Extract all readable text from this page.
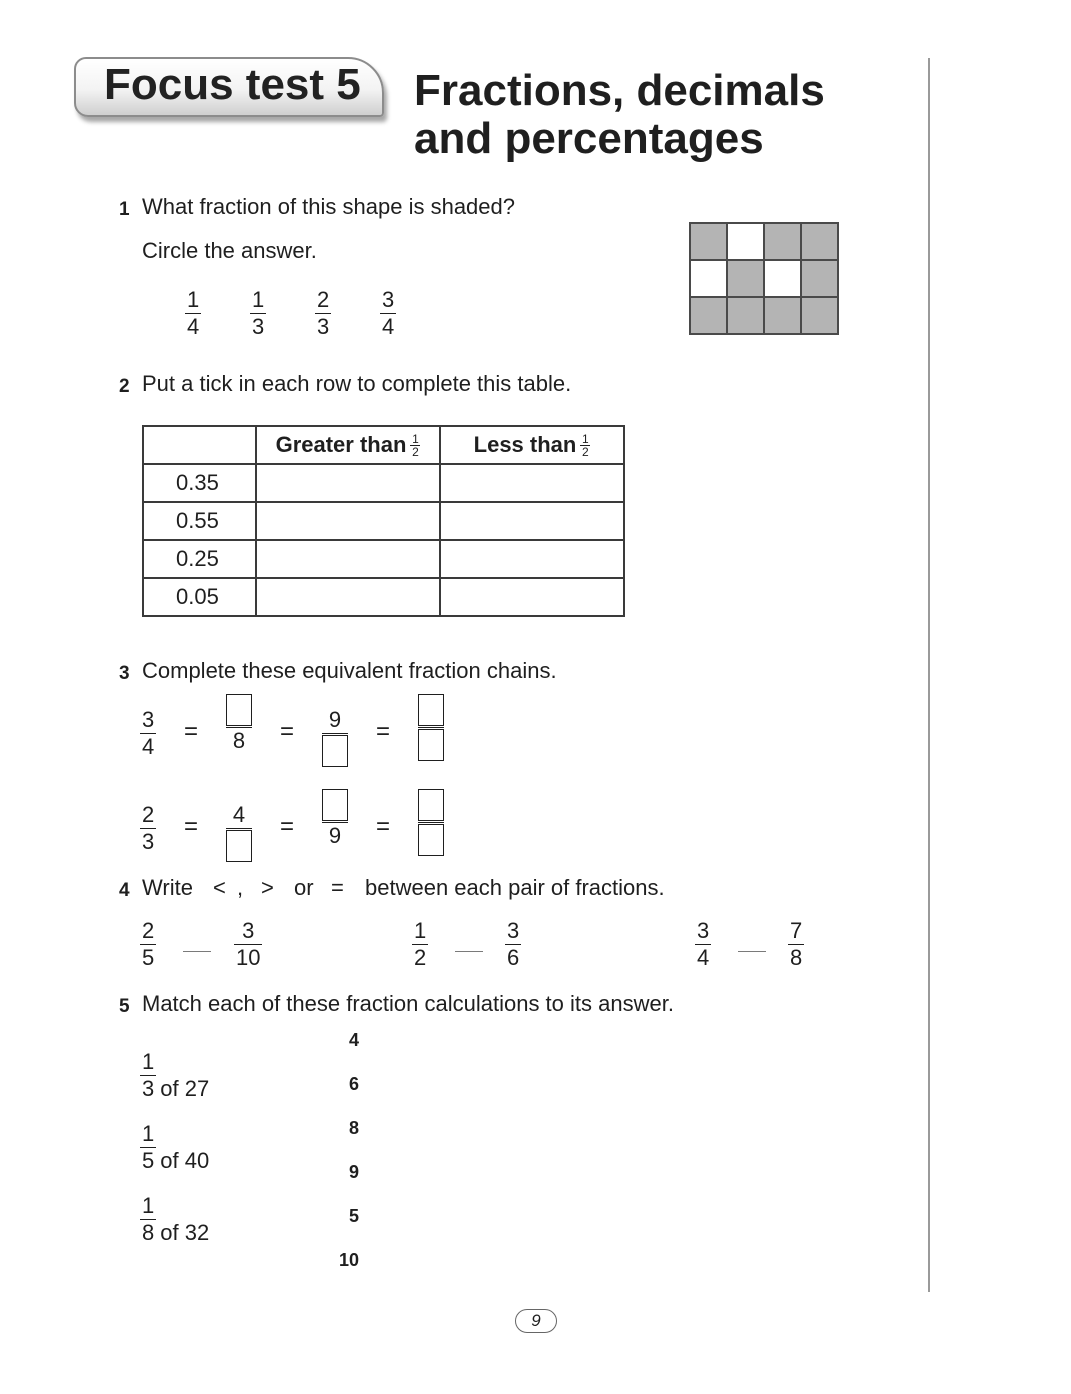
Focus test 5 Fractions, decimals
and percentages
1 What fraction of this shape is shaded?
Circle the answer.
1
4
1
3
2
3
3
4
2 Put a tick in each row to complete this table.
	Greater than $\frac{1}{2}$	Less than $\frac{1}{2}$

0.35		
0.55		
0.25		
0.05		
3 Complete these equivalent fraction chains.
3
4
= 8 = 9 =
2
3
= 4 = 9 =
4 Write < , > or = between each pair of fractions.
2
5
3
10
1
2
3
6
3
4
7
8
5 Match each of these fraction calculations to its answer.
$\frac{1}{3}$ of 27
$\frac{1}{5}$ of 40
$\frac{1}{8}$ of 32
4
6
8
9
5
10
9
